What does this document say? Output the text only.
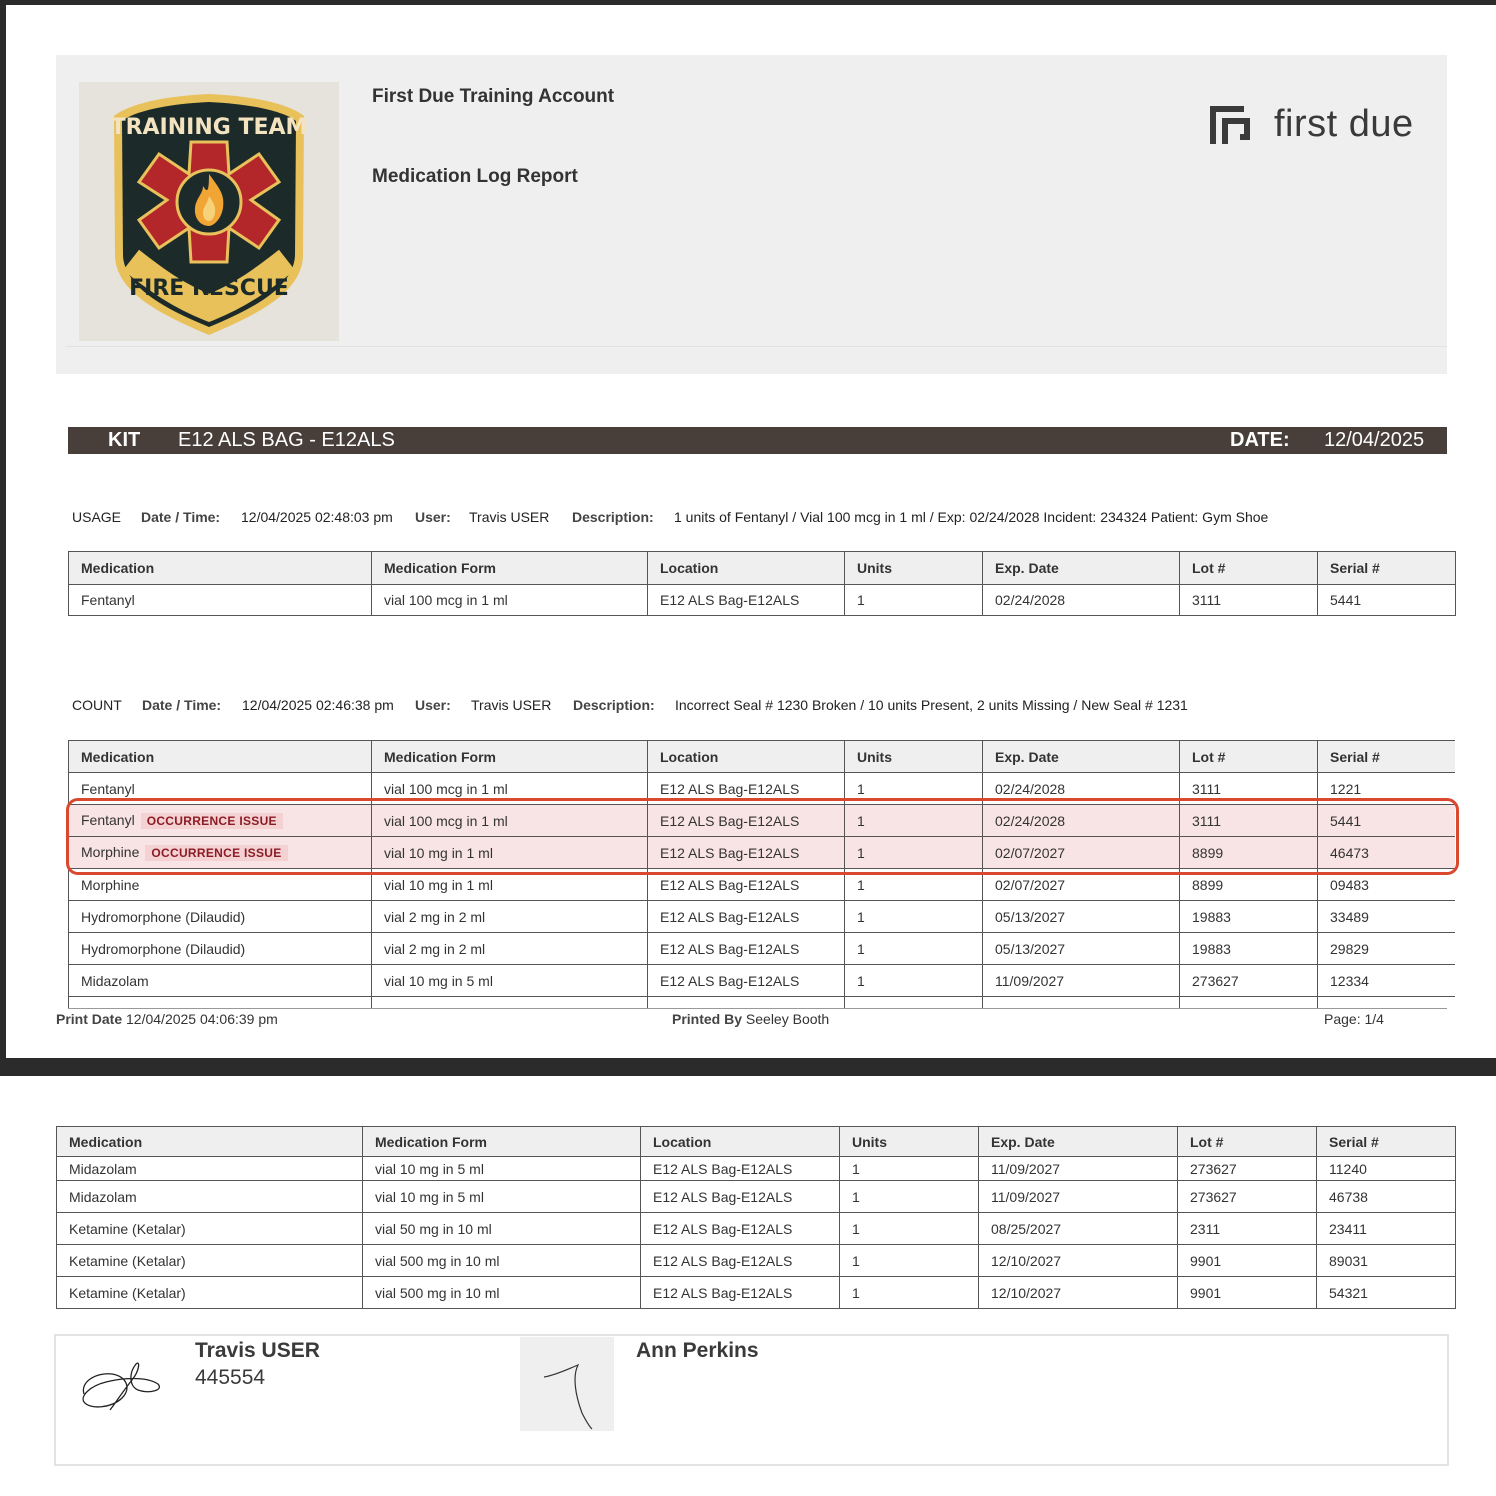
TRAINING TEAM
FIRE RESCUE
First Due Training Account
Medication Log Report
first due
KIT E12 ALS BAG - E12ALS	DATE: 12/04/2025
USAGE Date / Time: 12/04/2025 02:48:03 pm User: Travis USER Description: 1 units of Fentanyl / Vial 100 mcg in 1 ml / Exp: 02/24/2028 Incident: 234324 Patient: Gym Shoe
Medication	Medication Form	Location	Units	Exp. Date	Lot #	Serial #
Fentanyl	vial 100 mcg in 1 ml	E12 ALS Bag-E12ALS	1	02/24/2028	3111	5441
COUNT Date / Time: 12/04/2025 02:46:38 pm User: Travis USER Description: Incorrect Seal # 1230 Broken / 10 units Present, 2 units Missing / New Seal # 1231
Medication	Medication Form	Location	Units	Exp. Date	Lot #	Serial #
Fentanyl	vial 100 mcg in 1 ml	E12 ALS Bag-E12ALS	1	02/24/2028	3111	1221
Fentanyl OCCURRENCE ISSUE	vial 100 mcg in 1 ml	E12 ALS Bag-E12ALS	1	02/24/2028	3111	5441
Morphine OCCURRENCE ISSUE	vial 10 mg in 1 ml	E12 ALS Bag-E12ALS	1	02/07/2027	8899	46473
Morphine	vial 10 mg in 1 ml	E12 ALS Bag-E12ALS	1	02/07/2027	8899	09483
Hydromorphone (Dilaudid)	vial 2 mg in 2 ml	E12 ALS Bag-E12ALS	1	05/13/2027	19883	33489
Hydromorphone (Dilaudid)	vial 2 mg in 2 ml	E12 ALS Bag-E12ALS	1	05/13/2027	19883	29829
Midazolam	vial 10 mg in 5 ml	E12 ALS Bag-E12ALS	1	11/09/2027	273627	12334

Print Date 12/04/2025 04:06:39 pm	Printed By Seeley Booth	Page: 1/4
Medication	Medication Form	Location	Units	Exp. Date	Lot #	Serial #
Midazolam	vial 10 mg in 5 ml	E12 ALS Bag-E12ALS	1	11/09/2027	273627	11240
Midazolam	vial 10 mg in 5 ml	E12 ALS Bag-E12ALS	1	11/09/2027	273627	46738
Ketamine (Ketalar)	vial 50 mg in 10 ml	E12 ALS Bag-E12ALS	1	08/25/2027	2311	23411
Ketamine (Ketalar)	vial 500 mg in 10 ml	E12 ALS Bag-E12ALS	1	12/10/2027	9901	89031
Ketamine (Ketalar)	vial 500 mg in 10 ml	E12 ALS Bag-E12ALS	1	12/10/2027	9901	54321
Travis USER
445554
Ann Perkins
